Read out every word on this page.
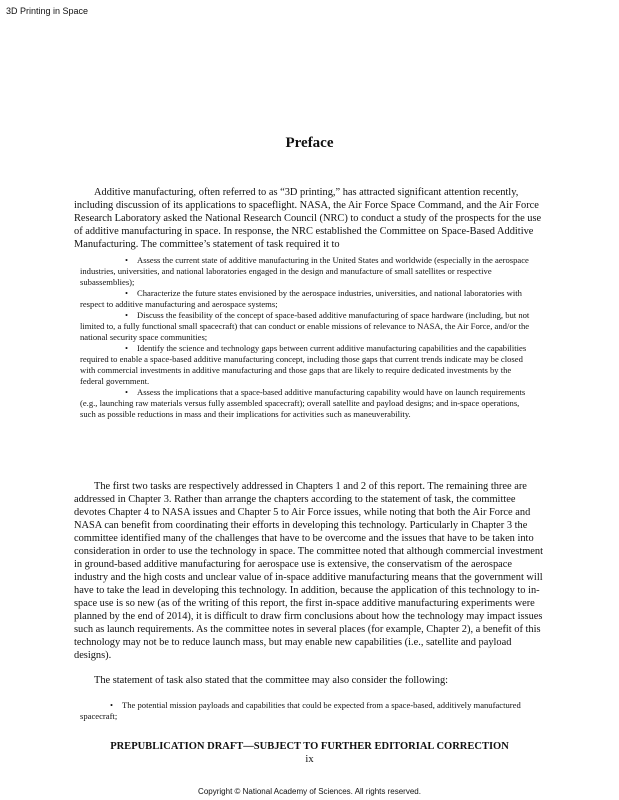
3D Printing in Space
Preface

Additive manufacturing, often referred to as “3D printing,” has attracted significant attention recently, including discussion of its applications to spaceflight. NASA, the Air Force Space Command, and the Air Force Research Laboratory asked the National Research Council (NRC) to conduct a study of the prospects for the use of additive manufacturing in space. In response, the NRC established the Committee on Space-Based Additive Manufacturing. The committee’s statement of task required it to

• Assess the current state of additive manufacturing in the United States and worldwide (especially in the aerospace industries, universities, and national laboratories engaged in the design and manufacture of small satellites or respective subassemblies);
• Characterize the future states envisioned by the aerospace industries, universities, and national laboratories with respect to additive manufacturing and aerospace systems;
• Discuss the feasibility of the concept of space-based additive manufacturing of space hardware (including, but not limited to, a fully functional small spacecraft) that can conduct or enable missions of relevance to NASA, the Air Force, and/or the national security space communities;
• Identify the science and technology gaps between current additive manufacturing capabilities and the capabilities required to enable a space-based additive manufacturing concept, including those gaps that current trends indicate may be closed with commercial investments in additive manufacturing and those gaps that are likely to require dedicated investments by the federal government.
• Assess the implications that a space-based additive manufacturing capability would have on launch requirements (e.g., launching raw materials versus fully assembled spacecraft); overall satellite and payload designs; and in-space operations, such as possible reductions in mass and their implications for activities such as maneuverability.

The first two tasks are respectively addressed in Chapters 1 and 2 of this report. The remaining three are addressed in Chapter 3. Rather than arrange the chapters according to the statement of task, the committee devotes Chapter 4 to NASA issues and Chapter 5 to Air Force issues, while noting that both the Air Force and NASA can benefit from coordinating their efforts in developing this technology. Particularly in Chapter 3 the committee identified many of the challenges that have to be overcome and the issues that have to be taken into consideration in order to use the technology in space. The committee noted that although commercial investment in ground-based additive manufacturing for aerospace use is extensive, the conservatism of the aerospace industry and the high costs and unclear value of in-space additive manufacturing means that the government will have to take the lead in developing this technology. In addition, because the application of this technology to in-space use is so new (as of the writing of this report, the first in-space additive manufacturing experiments were planned by the end of 2014), it is difficult to draw firm conclusions about how the technology may impact issues such as launch requirements. As the committee notes in several places (for example, Chapter 2), a benefit of this technology may not be to reduce launch mass, but may enable new capabilities (i.e., satellite and payload designs).

The statement of task also stated that the committee may also consider the following:

• The potential mission payloads and capabilities that could be expected from a space-based, additively manufactured spacecraft;
PREPUBLICATION DRAFT—SUBJECT TO FURTHER EDITORIAL CORRECTION
ix
Copyright © National Academy of Sciences. All rights reserved.
